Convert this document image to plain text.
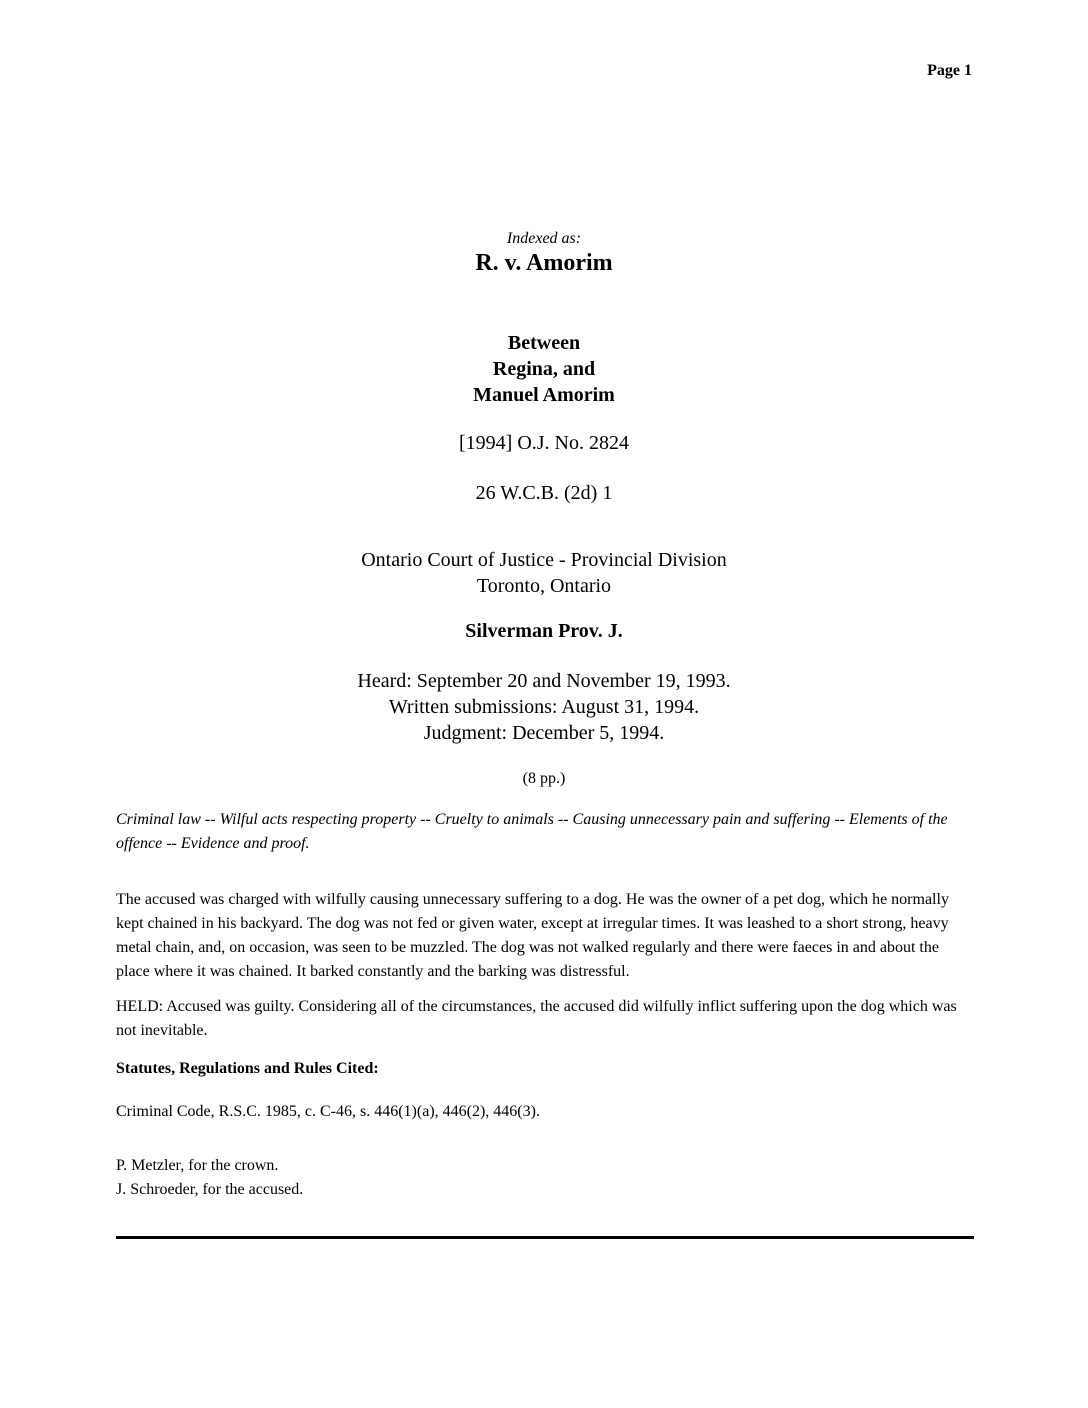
Page 1
Indexed as:
R. v. Amorim
Between
Regina, and
Manuel Amorim
[1994] O.J. No. 2824
26 W.C.B. (2d) 1
Ontario Court of Justice - Provincial Division
Toronto, Ontario
Silverman Prov. J.
Heard: September 20 and November 19, 1993.
Written submissions: August 31, 1994.
Judgment: December 5, 1994.
(8 pp.)
Criminal law -- Wilful acts respecting property -- Cruelty to animals -- Causing unnecessary pain and suffering -- Elements of the offence -- Evidence and proof.
The accused was charged with wilfully causing unnecessary suffering to a dog. He was the owner of a pet dog, which he normally kept chained in his backyard. The dog was not fed or given water, except at irregular times. It was leashed to a short strong, heavy metal chain, and, on occasion, was seen to be muzzled. The dog was not walked regularly and there were faeces in and about the place where it was chained. It barked constantly and the barking was distressful.
HELD: Accused was guilty. Considering all of the circumstances, the accused did wilfully inflict suffering upon the dog which was not inevitable.
Statutes, Regulations and Rules Cited:
Criminal Code, R.S.C. 1985, c. C-46, s. 446(1)(a), 446(2), 446(3).
P. Metzler, for the crown.
J. Schroeder, for the accused.
